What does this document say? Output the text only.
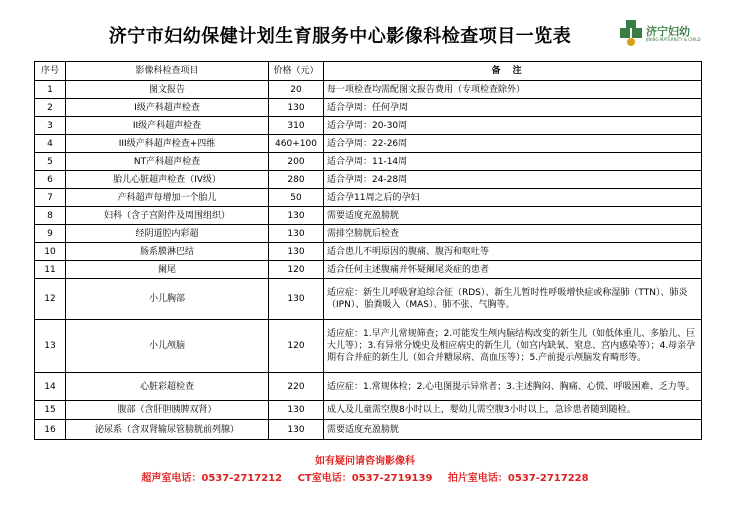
济宁市妇幼保健计划生育服务中心影像科检查项目一览表	济宁妇幼
JINING MATERNITY & CHILD
序号	影像科检查项目	价格（元）	备注
1	图文报告	20	每一项检查均需配图文报告费用（专项检查除外）
2	I级产科超声检查	130	适合孕周：任何孕周
3	II级产科超声检查	310	适合孕周：20-30周
4	III级产科超声检查+四维	460+100	适合孕周：22-26周
5	NT产科超声检查	200	适合孕周：11-14周
6	胎儿心脏超声检查（IV级）	280	适合孕周：24-28周
7	产科超声每增加一个胎儿	50	适合孕11周之后的孕妇
8	妇科（含子宫附件及周围组织）	130	需要适度充盈膀胱
9	经阴道腔内彩超	130	需排空膀胱后检查
10	肠系膜淋巴结	130	适合患儿不明原因的腹痛、腹泻和呕吐等
11	阑尾	120	适合任何主述腹痛并怀疑阑尾炎症的患者
12	小儿胸部	130	适应症：新生儿呼吸窘迫综合征（RDS）、新生儿暂时性呼吸增快症或称湿肺（TTN）、肺炎（IPN）、胎粪吸入（MAS）、肺不张、气胸等。
13	小儿颅脑	120	适应症：1.早产儿常规筛查；2.可能发生颅内脑结构改变的新生儿（如低体重儿、多胎儿、巨大儿等）；3.有异常分娩史及相应病史的新生儿（如宫内缺氧、窒息、宫内感染等）；4.母亲孕期有合并症的新生儿（如合并糖尿病、高血压等）；5.产前提示颅脑发育畸形等。
14	心脏彩超检查	220	适应症：1.常规体检；2.心电图提示异常者；3.主述胸闷、胸痛、心慌、呼吸困难、乏力等。
15	腹部（含肝胆胰脾双肾）	130	成人及儿童需空腹8小时以上，婴幼儿需空腹3小时以上，急诊患者随到随检。
16	泌尿系（含双肾输尿管膀胱前列腺）	130	需要适度充盈膀胱
如有疑问请咨询影像科
超声室电话：0537-2717212 CT室电话：0537-2719139 拍片室电话：0537-2717228
